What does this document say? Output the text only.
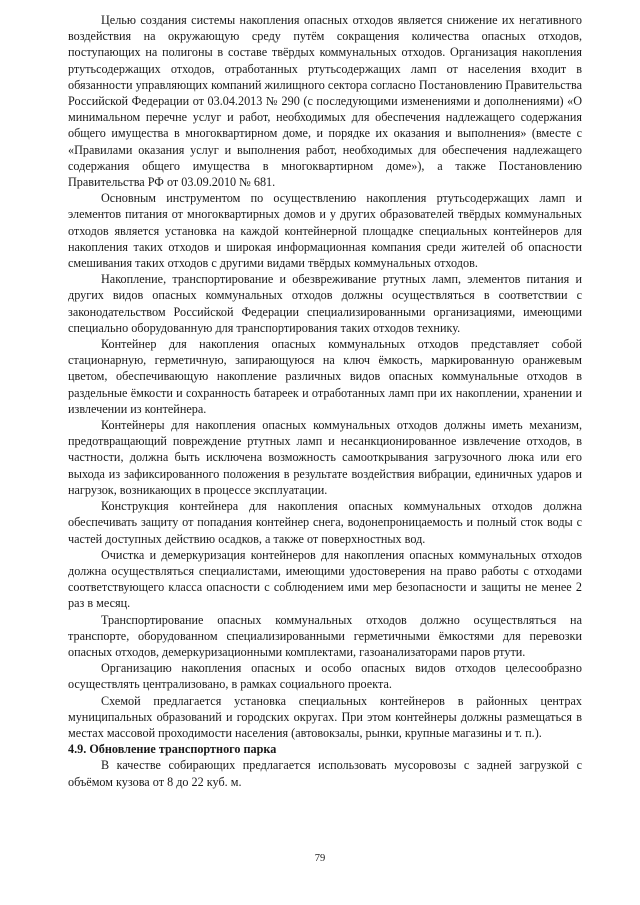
Целью создания системы накопления опасных отходов является снижение их негативного воздействия на окружающую среду путём сокращения количества опасных отходов, поступающих на полигоны в составе твёрдых коммунальных отходов. Организация накопления ртутьсодержащих отходов, отработанных ртутьсодержащих ламп от населения входит в обязанности управляющих компаний жилищного сектора согласно Постановлению Правительства Российской Федерации от 03.04.2013 № 290 (с последующими изменениями и дополнениями) «О минимальном перечне услуг и работ, необходимых для обеспечения надлежащего содержания общего имущества в многоквартирном доме, и порядке их оказания и выполнения» (вместе с «Правилами оказания услуг и выполнения работ, необходимых для обеспечения надлежащего содержания общего имущества в многоквартирном доме»), а также Постановлению Правительства РФ от 03.09.2010 № 681.

Основным инструментом по осуществлению накопления ртутьсодержащих ламп и элементов питания от многоквартирных домов и у других образователей твёрдых коммунальных отходов является установка на каждой контейнерной площадке специальных контейнеров для накопления таких отходов и широкая информационная компания среди жителей об опасности смешивания таких отходов с другими видами твёрдых коммунальных отходов.

Накопление, транспортирование и обезвреживание ртутных ламп, элементов питания и других видов опасных коммунальных отходов должны осуществляться в соответствии с законодательством Российской Федерации специализированными организациями, имеющими специально оборудованную для транспортирования таких отходов технику.

Контейнер для накопления опасных коммунальных отходов представляет собой стационарную, герметичную, запирающуюся на ключ ёмкость, маркированную оранжевым цветом, обеспечивающую накопление различных видов опасных коммунальные отходов в раздельные ёмкости и сохранность батареек и отработанных ламп при их накоплении, хранении и извлечении из контейнера.

Контейнеры для накопления опасных коммунальных отходов должны иметь механизм, предотвращающий повреждение ртутных ламп и несанкционированное извлечение отходов, в частности, должна быть исключена возможность самооткрывания загрузочного люка или его выхода из зафиксированного положения в результате воздействия вибрации, единичных ударов и нагрузок, возникающих в процессе эксплуатации.

Конструкция контейнера для накопления опасных коммунальных отходов должна обеспечивать защиту от попадания контейнер снега, водонепроницаемость и полный сток воды с частей доступных действию осадков, а также от поверхностных вод.

Очистка и демеркуризация контейнеров для накопления опасных коммунальных отходов должна осуществляться специалистами, имеющими удостоверения на право работы с отходами соответствующего класса опасности с соблюдением ими мер безопасности и защиты не менее 2 раз в месяц.

Транспортирование опасных коммунальных отходов должно осуществляться на транспорте, оборудованном специализированными герметичными ёмкостями для перевозки опасных отходов, демеркуризационными комплектами, газоанализаторами паров ртути.

Организацию накопления опасных и особо опасных видов отходов целесообразно осуществлять централизовано, в рамках социального проекта.

Схемой предлагается установка специальных контейнеров в районных центрах муниципальных образований и городских округах. При этом контейнеры должны размещаться в местах массовой проходимости населения (автовокзалы, рынки, крупные магазины и т. п.).

4.9. Обновление транспортного парка

В качестве собирающих предлагается использовать мусоровозы с задней загрузкой с объёмом кузова от 8 до 22 куб. м.

79
